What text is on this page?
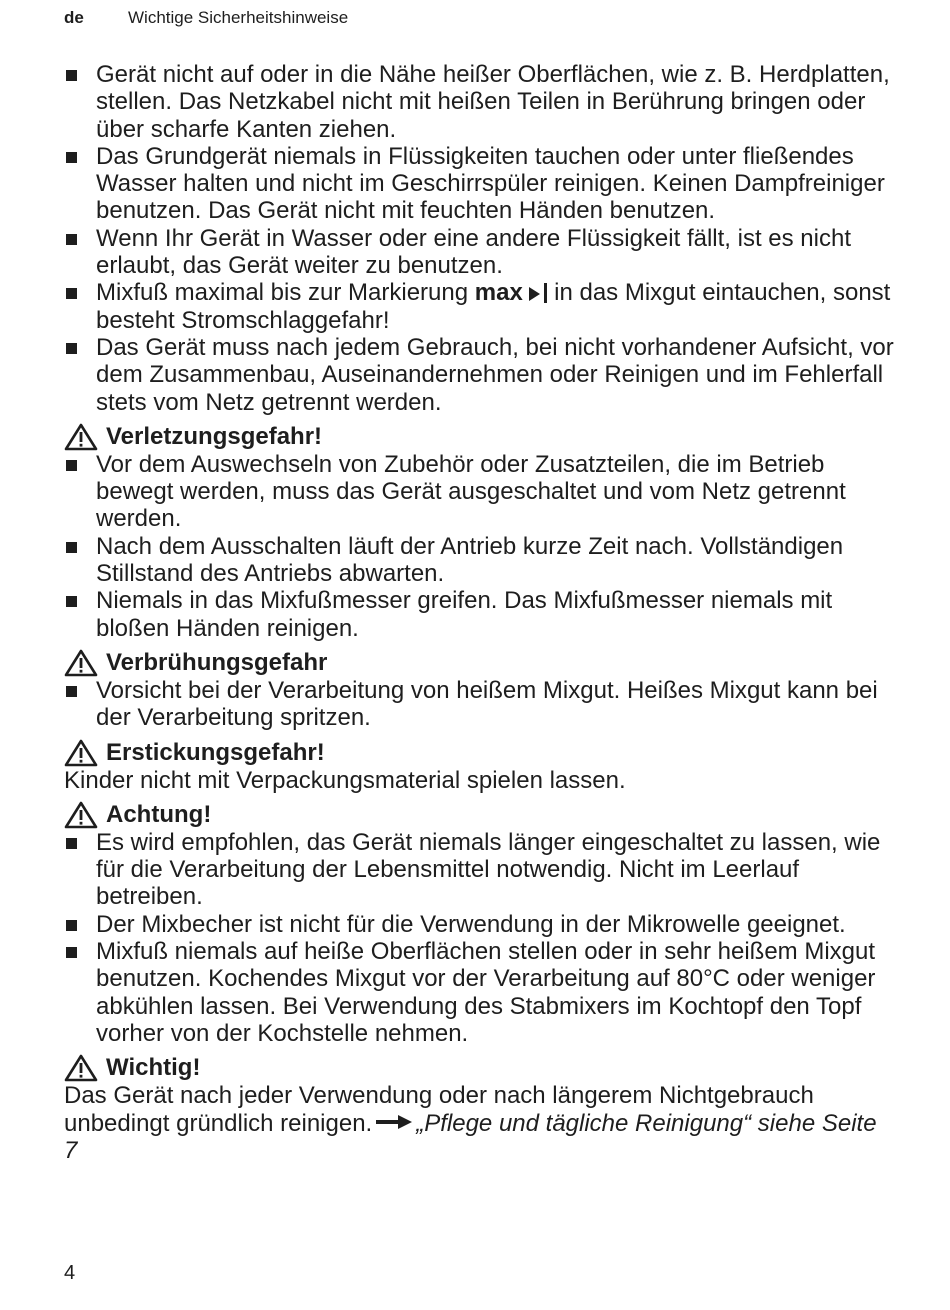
de	Wichtige Sicherheitshinweise
Gerät nicht auf oder in die Nähe heißer Oberflächen, wie z. B. Herdplatten, stellen. Das Netzkabel nicht mit heißen Teilen in Berührung bringen oder über scharfe Kanten ziehen.
Das Grundgerät niemals in Flüssigkeiten tauchen oder unter fließendes Wasser halten und nicht im Geschirrspüler reinigen. Keinen Dampfreiniger benutzen. Das Gerät nicht mit feuchten Händen benutzen.
Wenn Ihr Gerät in Wasser oder eine andere Flüssigkeit fällt, ist es nicht erlaubt, das Gerät weiter zu benutzen.
Mixfuß maximal bis zur Markierung max  in das Mixgut eintauchen, sonst besteht Stromschlaggefahr!
Das Gerät muss nach jedem Gebrauch, bei nicht vorhandener Aufsicht, vor dem Zusammenbau, Auseinandernehmen oder Reinigen und im Fehlerfall stets vom Netz getrennt werden.
Verletzungsgefahr!
Vor dem Auswechseln von Zubehör oder Zusatzteilen, die im Betrieb bewegt werden, muss das Gerät ausgeschaltet und vom Netz getrennt werden.
Nach dem Ausschalten läuft der Antrieb kurze Zeit nach. Vollständigen Stillstand des Antriebs abwarten.
Niemals in das Mixfußmesser greifen. Das Mixfußmesser niemals mit bloßen Händen reinigen.
Verbrühungsgefahr
Vorsicht bei der Verarbeitung von heißem Mixgut. Heißes Mixgut kann bei der Verarbeitung spritzen.
Erstickungsgefahr!
Kinder nicht mit Verpackungsmaterial spielen lassen.
Achtung!
Es wird empfohlen, das Gerät niemals länger eingeschaltet zu lassen, wie für die Verarbeitung der Lebensmittel notwendig. Nicht im Leerlauf betreiben.
Der Mixbecher ist nicht für die Verwendung in der Mikrowelle geeignet.
Mixfuß niemals auf heiße Oberflächen stellen oder in sehr heißem Mixgut benutzen. Kochendes Mixgut vor der Verarbeitung auf 80°C oder weniger abkühlen lassen. Bei Verwendung des Stabmixers im Kochtopf den Topf vorher von der Kochstelle nehmen.
Wichtig!
Das Gerät nach jeder Verwendung oder nach längerem Nichtgebrauch unbedingt gründlich reinigen. „Pflege und tägliche Reinigung“ siehe Seite 7
4
